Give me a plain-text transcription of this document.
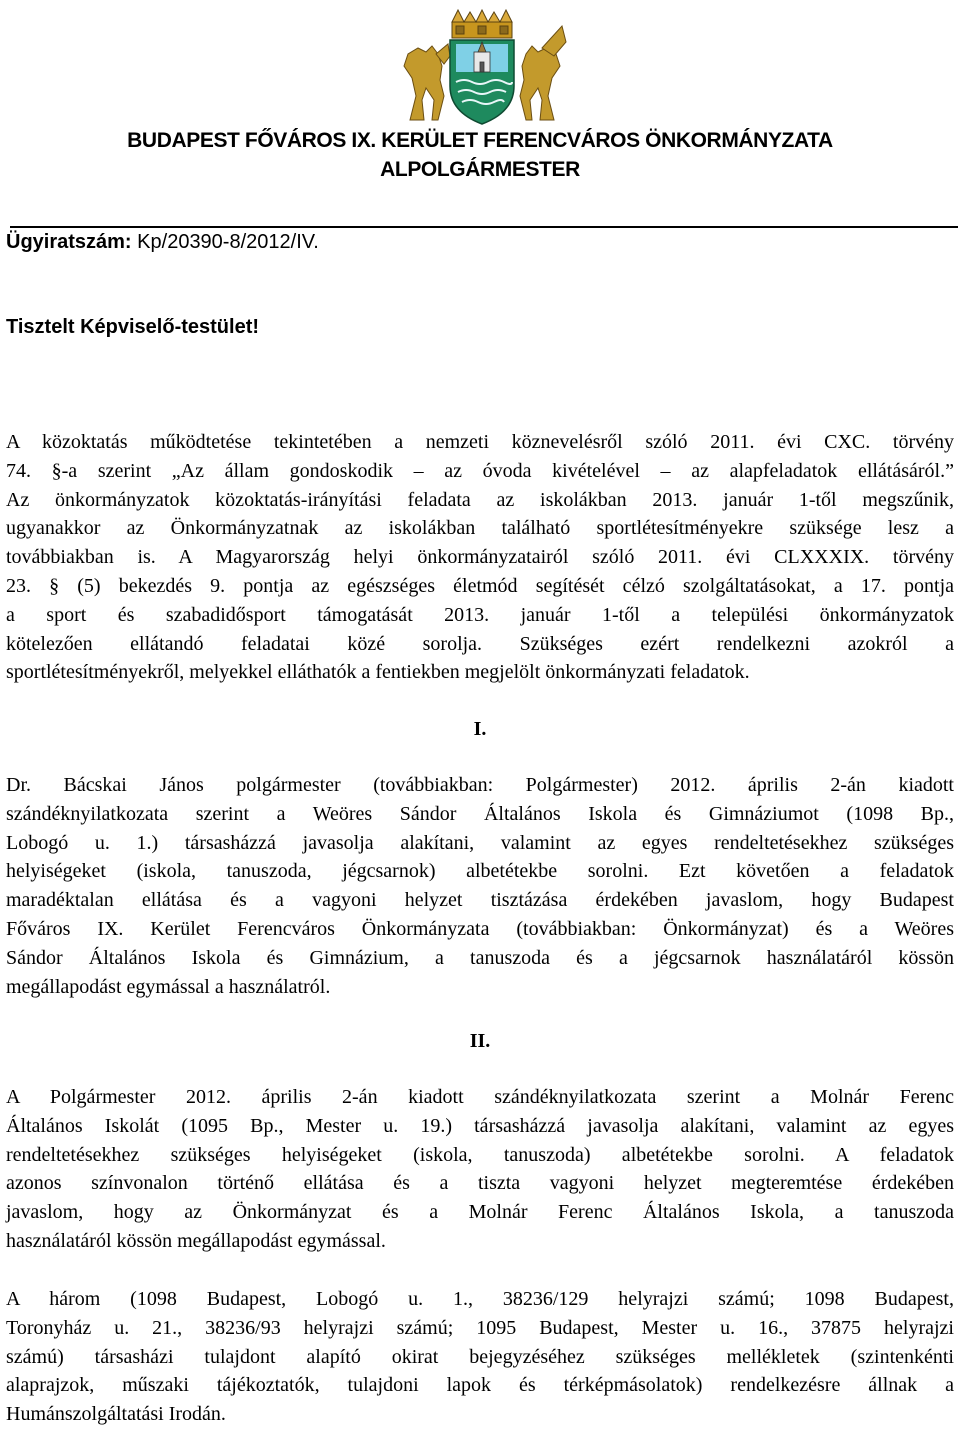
BUDAPEST FŐVÁROS IX. KERÜLET FERENCVÁROS ÖNKORMÁNYZATA
ALPOLGÁRMESTER
Ügyiratszám: Kp/20390-8/2012/IV.
Tisztelt Képviselő-testület!

A közoktatás működtetése tekintetében a nemzeti köznevelésről szóló 2011. évi CXC. törvény
74. §-a szerint „Az állam gondoskodik – az óvoda kivételével – az alapfeladatok ellátásáról.”
Az önkormányzatok közoktatás-irányítási feladata az iskolákban 2013. január 1-től megszűnik,
ugyanakkor az Önkormányzatnak az iskolákban található sportlétesítményekre szüksége lesz a
továbbiakban is. A Magyarország helyi önkormányzatairól szóló 2011. évi CLXXXIX. törvény
23. § (5) bekezdés 9. pontja az egészséges életmód segítését célzó szolgáltatásokat, a 17. pontja
a sport és szabadidősport támogatását 2013. január 1-től a települési önkormányzatok
kötelezően ellátandó feladatai közé sorolja. Szükséges ezért rendelkezni azokról a
sportlétesítményekről, melyekkel elláthatók a fentiekben megjelölt önkormányzati feladatok.

I.

Dr. Bácskai János polgármester (továbbiakban: Polgármester) 2012. április 2-án kiadott
szándéknyilatkozata szerint a Weöres Sándor Általános Iskola és Gimnáziumot (1098 Bp.,
Lobogó u. 1.) társasházzá javasolja alakítani, valamint az egyes rendeltetésekhez szükséges
helyiségeket (iskola, tanuszoda, jégcsarnok) albetétekbe sorolni. Ezt követően a feladatok
maradéktalan ellátása és a vagyoni helyzet tisztázása érdekében javaslom, hogy Budapest
Főváros IX. Kerület Ferencváros Önkormányzata (továbbiakban: Önkormányzat) és a Weöres
Sándor Általános Iskola és Gimnázium, a tanuszoda és a jégcsarnok használatáról kössön
megállapodást egymással a használatról.

II.

A Polgármester 2012. április 2-án kiadott szándéknyilatkozata szerint a Molnár Ferenc
Általános Iskolát (1095 Bp., Mester u. 19.) társasházzá javasolja alakítani, valamint az egyes
rendeltetésekhez szükséges helyiségeket (iskola, tanuszoda) albetétekbe sorolni. A feladatok
azonos színvonalon történő ellátása és a tiszta vagyoni helyzet megteremtése érdekében
javaslom, hogy az Önkormányzat és a Molnár Ferenc Általános Iskola, a tanuszoda
használatáról kössön megállapodást egymással.

A három (1098 Budapest, Lobogó u. 1., 38236/129 helyrajzi számú; 1098 Budapest,
Toronyház u. 21., 38236/93 helyrajzi számú; 1095 Budapest, Mester u. 16., 37875 helyrajzi
számú) társasházi tulajdont alapító okirat bejegyzéséhez szükséges mellékletek (szintenkénti
alaprajzok, műszaki tájékoztatók, tulajdoni lapok és térképmásolatok) rendelkezésre állnak a
Humánszolgáltatási Irodán.
